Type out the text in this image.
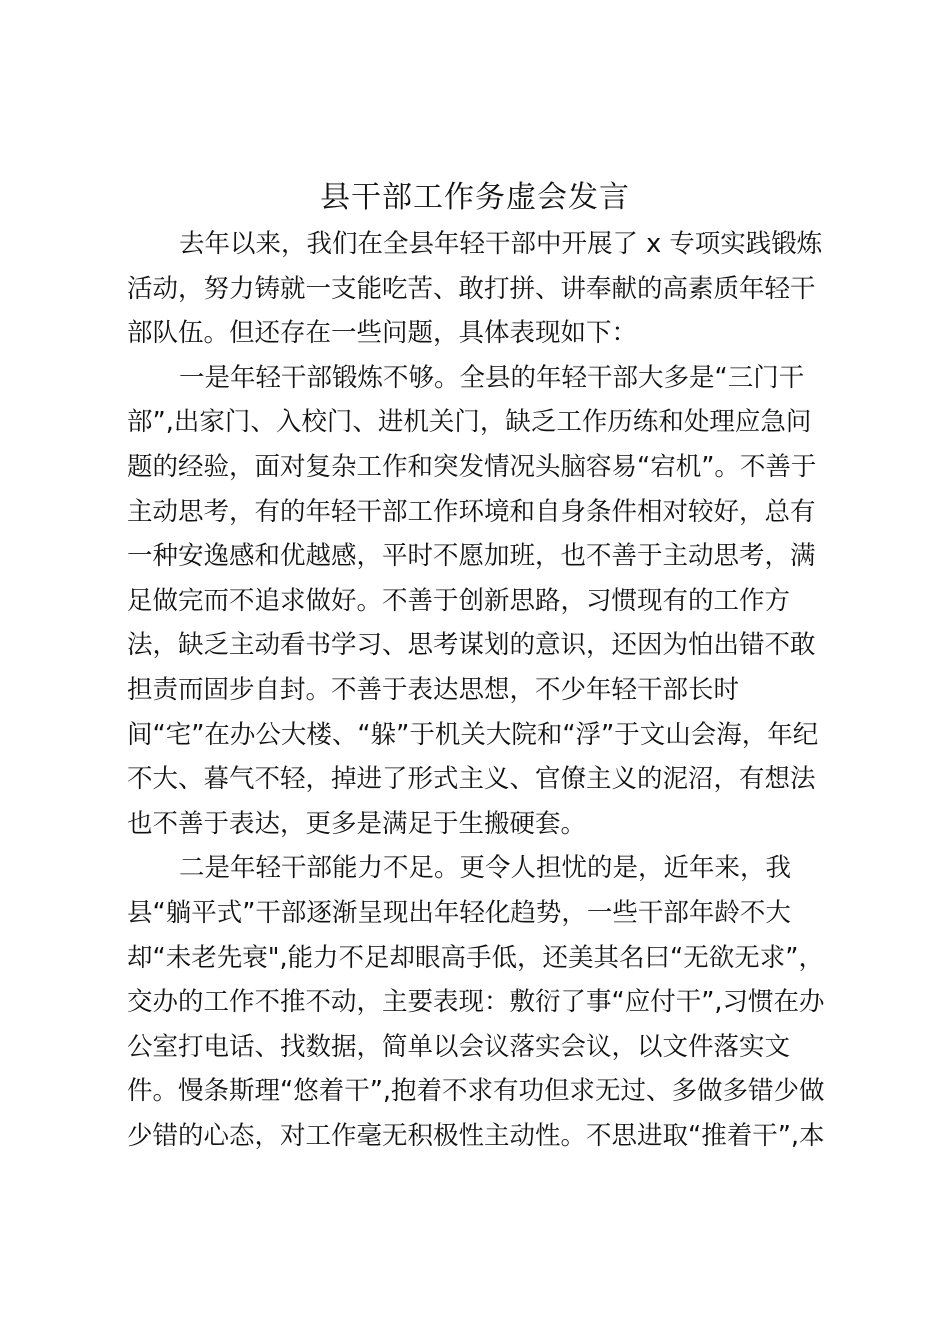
县干部工作务虚会发言

去年以来，我们在全县年轻干部中开展了 x 专项实践锻炼
活动，努力铸就一支能吃苦、敢打拼、讲奉献的高素质年轻干
部队伍。但还存在一些问题，具体表现如下：

一是年轻干部锻炼不够。全县的年轻干部大多是“三门干
部”,出家门、入校门、进机关门，缺乏工作历练和处理应急问
题的经验，面对复杂工作和突发情况头脑容易“宕机”。不善于
主动思考，有的年轻干部工作环境和自身条件相对较好，总有
一种安逸感和优越感，平时不愿加班，也不善于主动思考，满
足做完而不追求做好。不善于创新思路，习惯现有的工作方
法，缺乏主动看书学习、思考谋划的意识，还因为怕出错不敢
担责而固步自封。不善于表达思想，不少年轻干部长时
间“宅”在办公大楼、“躲”于机关大院和“浮”于文山会海，年纪
不大、暮气不轻，掉进了形式主义、官僚主义的泥沼，有想法
也不善于表达，更多是满足于生搬硬套。

二是年轻干部能力不足。更令人担忧的是，近年来，我
县“躺平式”干部逐渐呈现出年轻化趋势，一些干部年龄不大
却“未老先衰",能力不足却眼高手低，还美其名曰“无欲无求”，
交办的工作不推不动，主要表现：敷衍了事“应付干”,习惯在办
公室打电话、找数据，简单以会议落实会议，以文件落实文
件。慢条斯理“悠着干”,抱着不求有功但求无过、多做多错少做
少错的心态，对工作毫无积极性主动性。不思进取“推着干”,本
